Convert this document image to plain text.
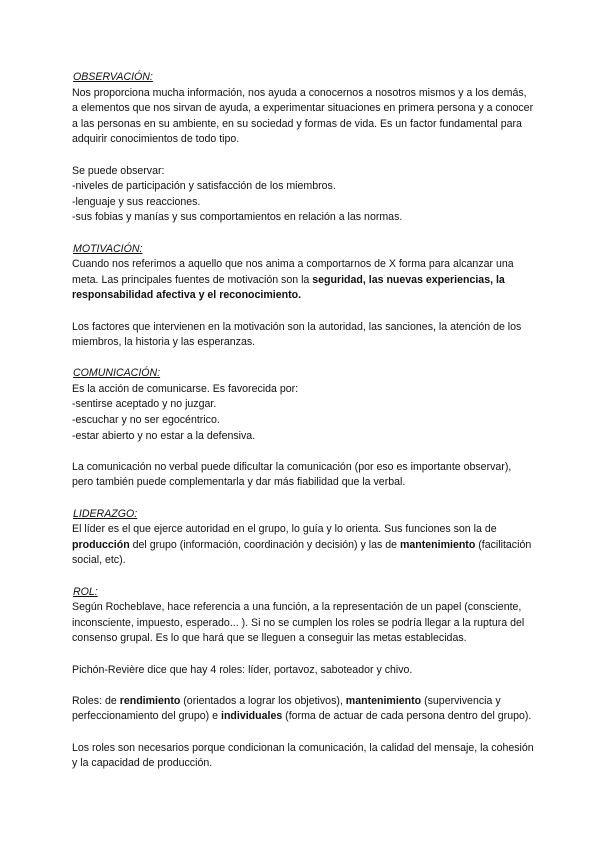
OBSERVACIÓN:

Nos proporciona mucha información, nos ayuda a conocernos a nosotros mismos y a los demás, a elementos que nos sirvan de ayuda, a experimentar situaciones en primera persona y a conocer a las personas en su ambiente, en su sociedad y formas de vida. Es un factor fundamental para adquirir conocimientos de todo tipo.

Se puede observar:

-niveles de participación y satisfacción de los miembros.

-lenguaje y sus reacciones.

-sus fobias y manías y sus comportamientos en relación a las normas.

MOTIVACIÓN:

Cuando nos referimos a aquello que nos anima a comportarnos de X forma para alcanzar una meta. Las principales fuentes de motivación son la seguridad, las nuevas experiencias, la responsabilidad afectiva y el reconocimiento.

Los factores que intervienen en la motivación son la autoridad, las sanciones, la atención de los miembros, la historia y las esperanzas.

COMUNICACIÓN:

Es la acción de comunicarse. Es favorecida por:

-sentirse aceptado y no juzgar.

-escuchar y no ser egocéntrico.

-estar abierto y no estar a la defensiva.

La comunicación no verbal puede dificultar la comunicación (por eso es importante observar), pero también puede complementarla y dar más fiabilidad que la verbal.

LIDERAZGO:

El líder es el que ejerce autoridad en el grupo, lo guía y lo orienta. Sus funciones son la de producción del grupo (información, coordinación y decisión) y las de mantenimiento (facilitación social, etc).

ROL:

Según Rocheblave, hace referencia a una función, a la representación de un papel (consciente, inconsciente, impuesto, esperado... ). Si no se cumplen los roles se podría llegar a la ruptura del consenso grupal. Es lo que hará que se lleguen a conseguir las metas establecidas.

Pichón-Revière dice que hay 4 roles: líder, portavoz, saboteador y chivo.

Roles: de rendimiento (orientados a lograr los objetivos), mantenimiento (supervivencia y perfeccionamiento del grupo) e individuales (forma de actuar de cada persona dentro del grupo).

Los roles son necesarios porque condicionan la comunicación, la calidad del mensaje, la cohesión y la capacidad de producción.
